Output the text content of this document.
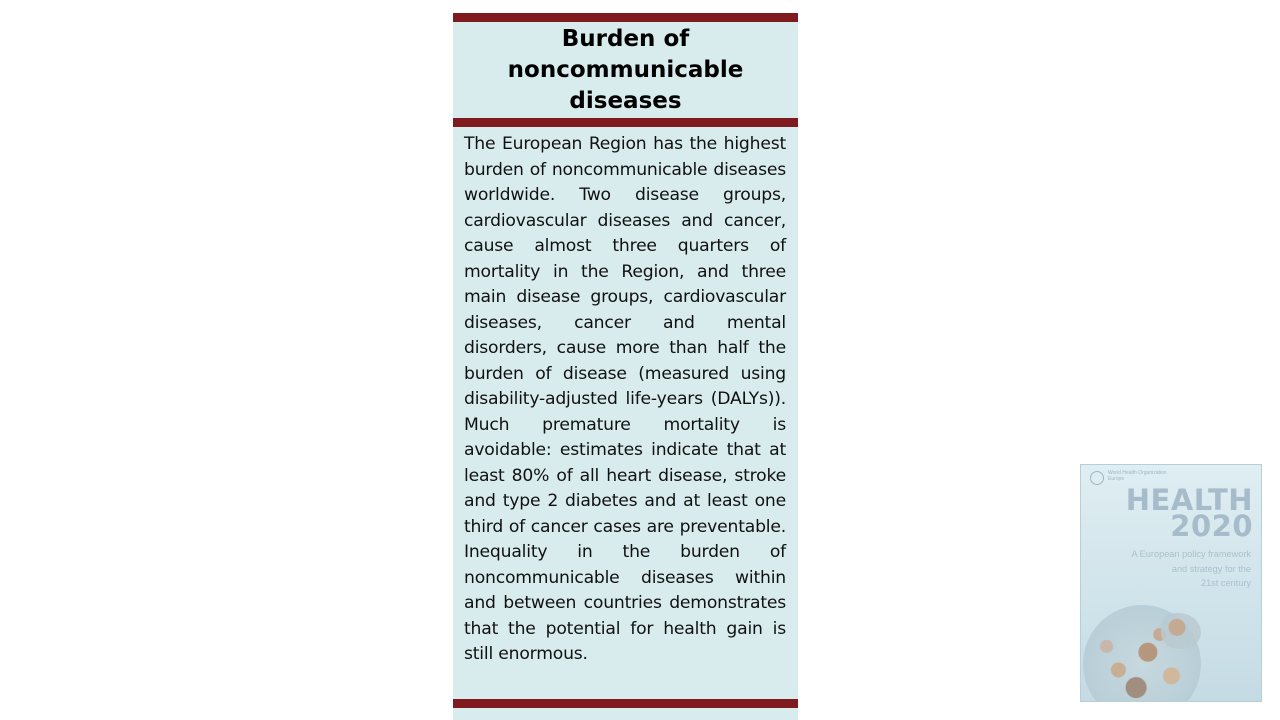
Burden of
noncommunicable
diseases
The European Region has the highest burden of noncommunicable diseases worldwide. Two disease groups, cardiovascular diseases and cancer, cause almost three quarters of mortality in the Region, and three main disease groups, cardiovascular diseases, cancer and mental disorders, cause more than half the burden of disease (measured using disability-adjusted life-years (DALYs)). Much premature mortality is avoidable: estimates indicate that at least 80% of all heart disease, stroke and type 2 diabetes and at least one third of cancer cases are preventable. Inequality in the burden of noncommunicable diseases within and between countries demonstrates that the potential for health gain is still enormous.
World Health Organization Europe
HEALTH
2020
A European policy framework
and strategy for the
21st century
